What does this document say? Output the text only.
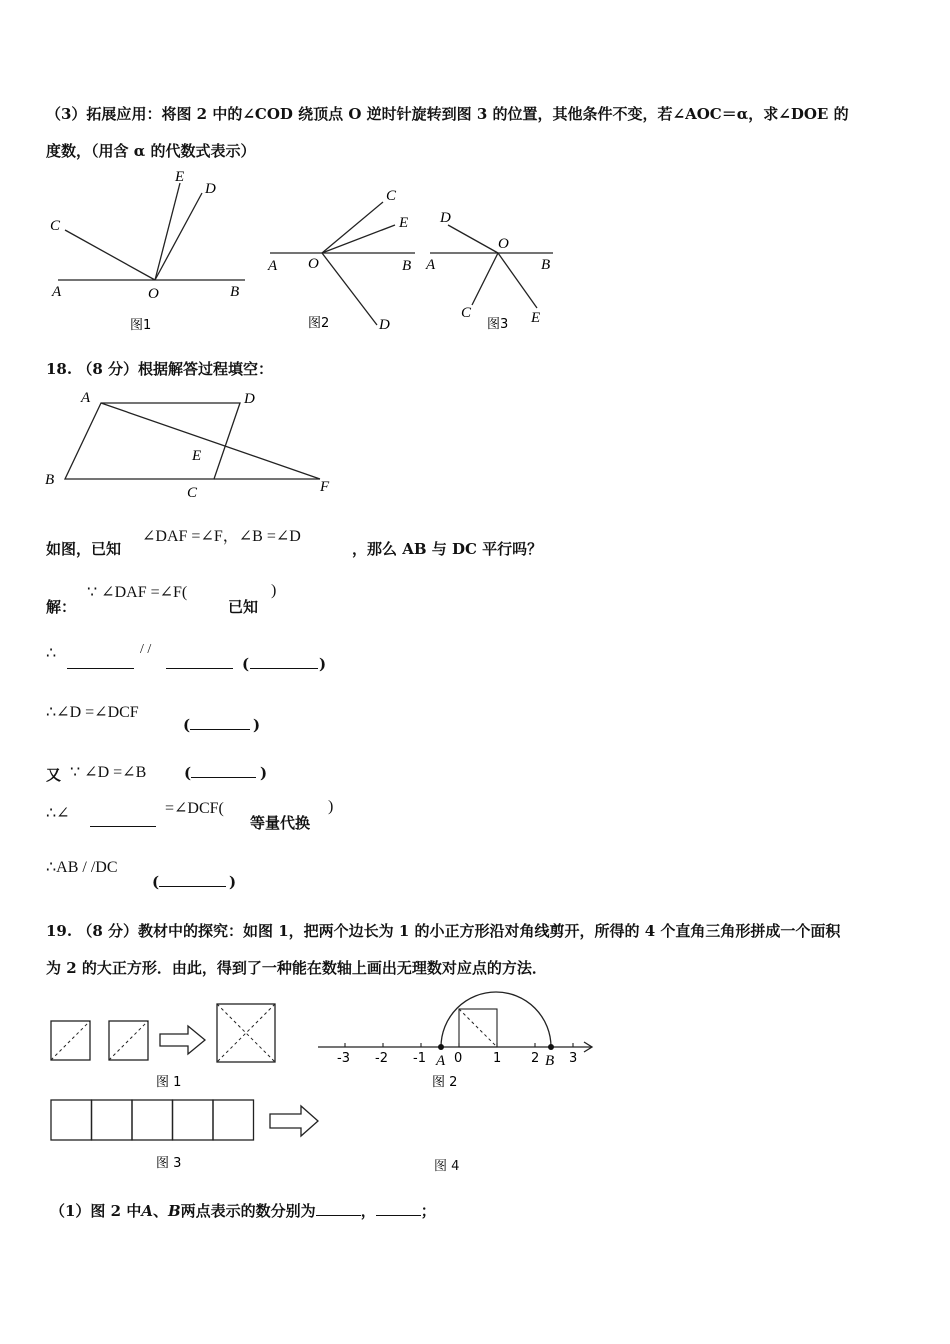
（3）拓展应用：将图 2 中的∠COD 绕顶点 O 逆时针旋转到图 3 的位置，其他条件不变，若∠AOC＝α，求∠DOE 的
度数，（用含 α 的代数式表示）
A	O	B
C
E
D
图1
A O	B
C
E
D
图2
D
O
A	B
C	E
图3
18. （8 分）根据解答过程填空：
A	D
E
B
C	F
如图，已知
∠DAF =∠F，∠B =∠D
，那么 AB 与 DC 平行吗？
解：
∵ ∠DAF =∠F(
已知
)
∴	/ /
(	)
∴∠D =∠DCF
(	)
又 ∵ ∠D =∠B	(	)
∴∠	=∠DCF(
等量代换
)
∴AB / /DC
(	)
19. （8 分）教材中的探究：如图 1，把两个边长为 1 的小正方形沿对角线剪开，所得的 4 个直角三角形拼成一个面积
为 2 的大正方形．由此，得到了一种能在数轴上画出无理数对应点的方法．
图 1
-3 -2 -1 0 1 2 3
A	B
图 2
图 3	图 4
（1）图 2 中A、B两点表示的数分别为	，	；
